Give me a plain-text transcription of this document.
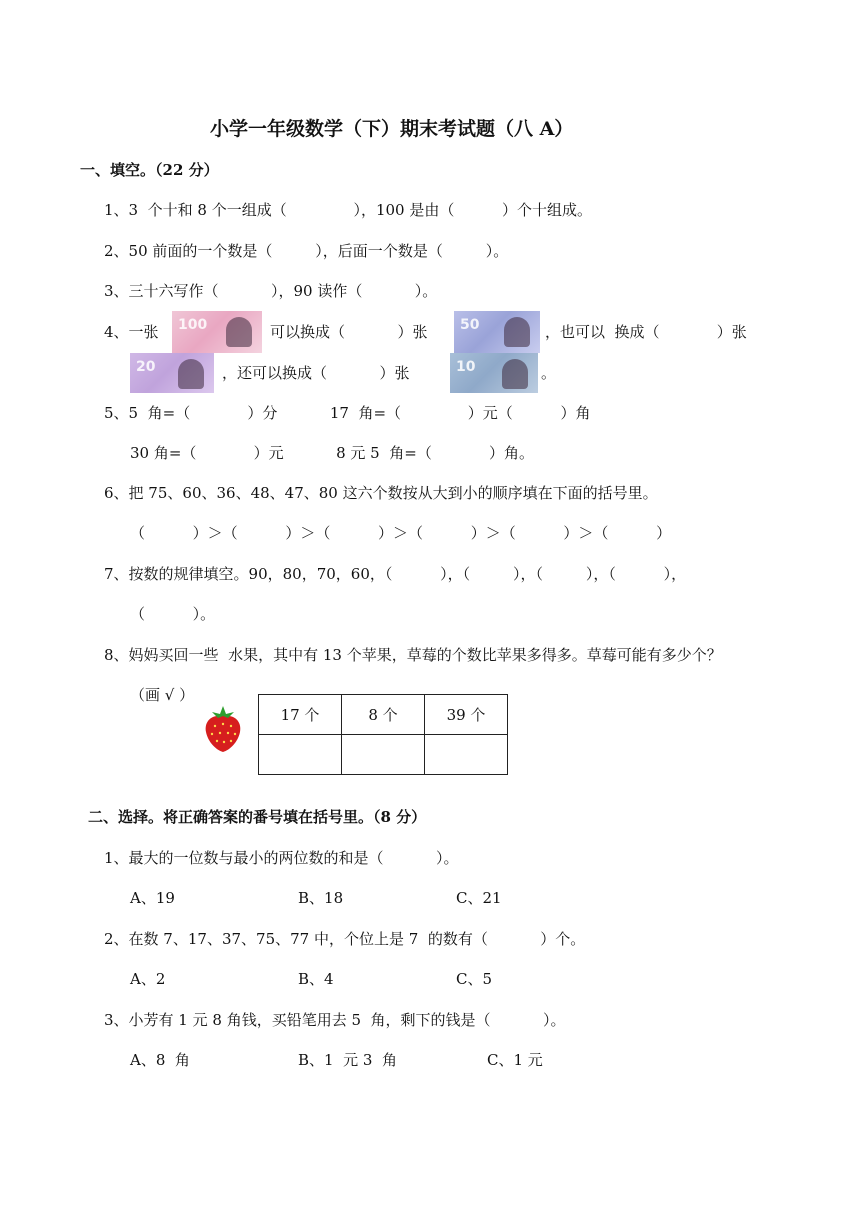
小学一年级数学（下）期末考试题（八 A）
一、填空。（22 分）
1、3  个十和 8 个一组成（              ），100 是由（          ）个十组成。
2、50 前面的一个数是（         ），后面一个数是（         ）。
3、三十六写作（           ），90 读作（           ）。
4、一张 100	可以换成（           ）张 50	，也可以  换成（            ）张
20	，还可以换成（           ）张	10	。
5、5  角=（            ）分           17  角=（              ）元（          ）角
30 角=（            ）元           8 元 5  角=（            ）角。
6、把 75、60、36、48、47、80 这六个数按从大到小的顺序填在下面的括号里。
（          ）＞（          ）＞（          ）＞（          ）＞（          ）＞（          ）
7、按数的规律填空。90，80，70，60，（          ），（         ），（         ），（          ），
（          ）。
8、妈妈买回一些  水果，其中有 13 个苹果，草莓的个数比苹果多得多。草莓可能有多少个？
（画 √ ）
17 个	8 个	39 个

二、选择。将正确答案的番号填在括号里。（8 分）
1、最大的一位数与最小的两位数的和是（           ）。
A、19	B、18	C、21
2、在数 7、17、37、75、77 中，个位上是 7  的数有（           ）个。
A、2	B、4	C、5
3、小芳有 1 元 8 角钱，买铅笔用去 5  角，剩下的钱是（           ）。
A、8  角	B、1  元 3  角	C、1 元
